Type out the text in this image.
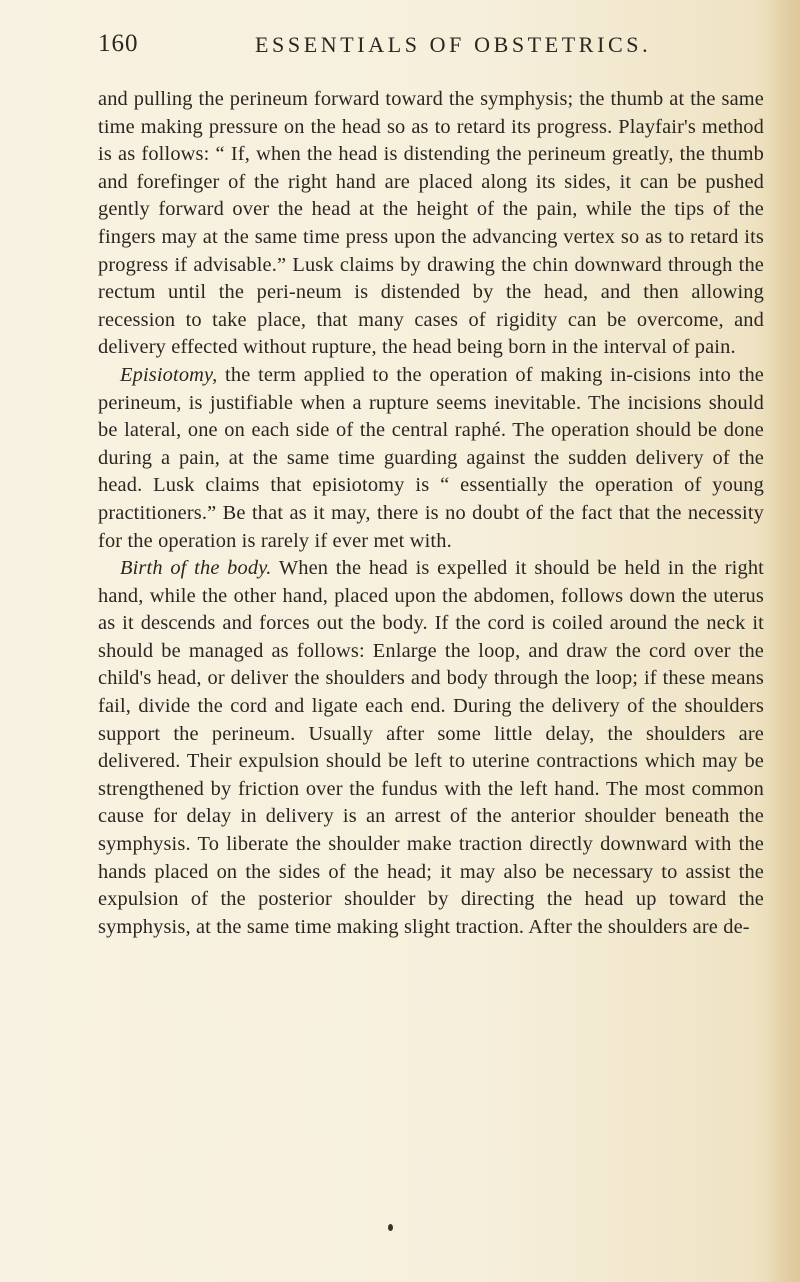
160	ESSENTIALS OF OBSTETRICS.

and pulling the perineum forward toward the symphysis; the thumb at the same time making pressure on the head so as to retard its progress. Playfair's method is as follows: “ If, when the head is distending the perineum greatly, the thumb and forefinger of the right hand are placed along its sides, it can be pushed gently forward over the head at the height of the pain, while the tips of the fingers may at the same time press upon the advancing vertex so as to retard its progress if advisable.” Lusk claims by drawing the chin downward through the rectum until the peri-neum is distended by the head, and then allowing recession to take place, that many cases of rigidity can be overcome, and delivery effected without rupture, the head being born in the interval of pain.

Episiotomy, the term applied to the operation of making in-cisions into the perineum, is justifiable when a rupture seems inevitable. The incisions should be lateral, one on each side of the central raphé. The operation should be done during a pain, at the same time guarding against the sudden delivery of the head. Lusk claims that episiotomy is “ essentially the operation of young practitioners.” Be that as it may, there is no doubt of the fact that the necessity for the operation is rarely if ever met with.

Birth of the body. When the head is expelled it should be held in the right hand, while the other hand, placed upon the abdomen, follows down the uterus as it descends and forces out the body. If the cord is coiled around the neck it should be managed as follows: Enlarge the loop, and draw the cord over the child's head, or deliver the shoulders and body through the loop; if these means fail, divide the cord and ligate each end. During the delivery of the shoulders support the perineum. Usually after some little delay, the shoulders are delivered. Their expulsion should be left to uterine contractions which may be strengthened by friction over the fundus with the left hand. The most common cause for delay in delivery is an arrest of the anterior shoulder beneath the symphysis. To liberate the shoulder make traction directly downward with the hands placed on the sides of the head; it may also be necessary to assist the expulsion of the posterior shoulder by directing the head up toward the symphysis, at the same time making slight traction. After the shoulders are de-
